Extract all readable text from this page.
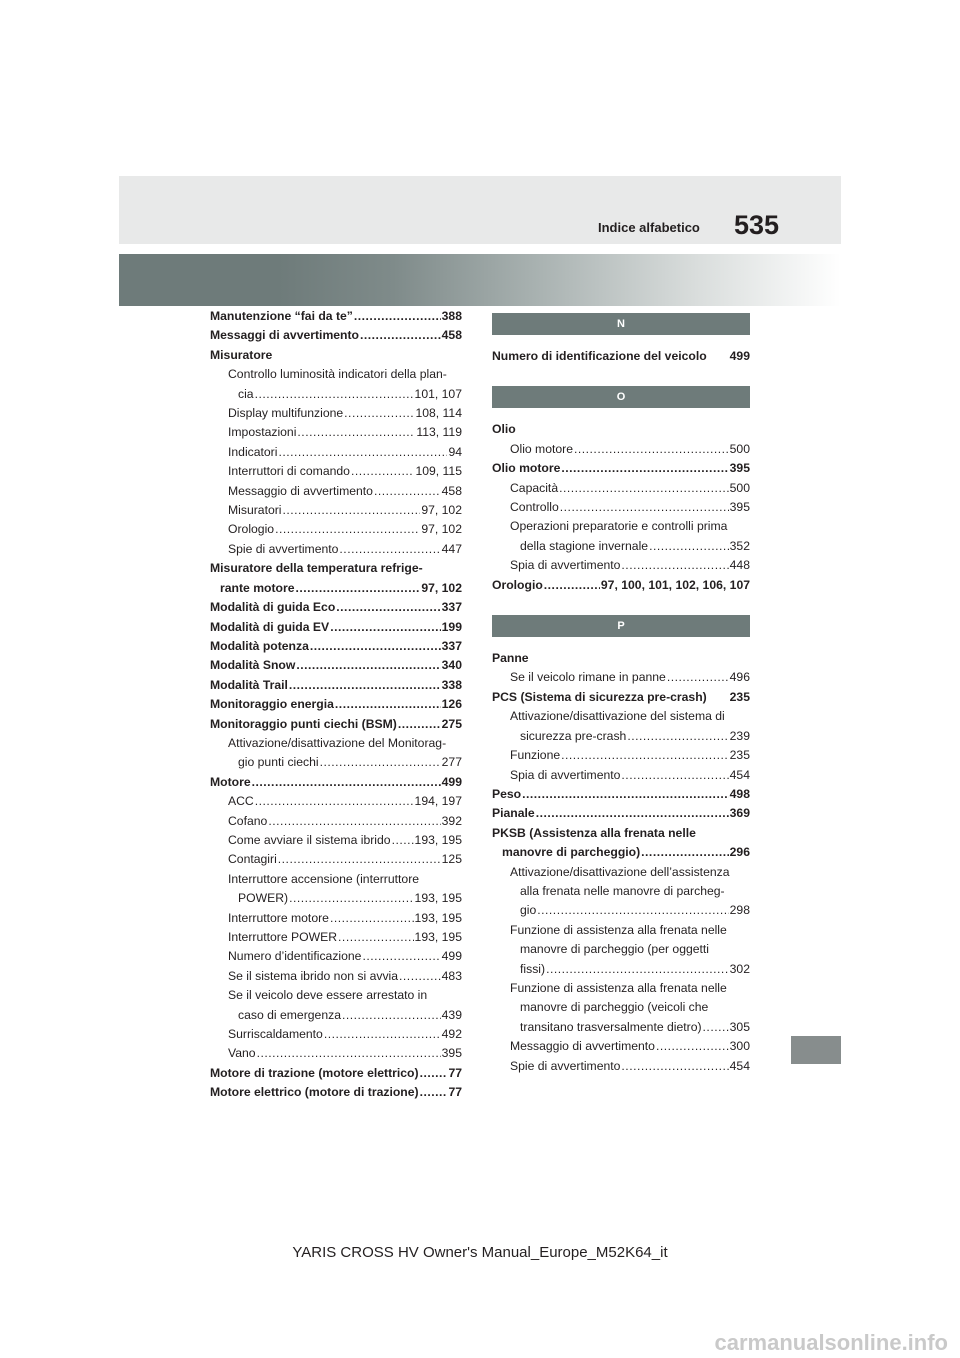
Indice alfabetico 535
Manutenzione “fai da te” .....	388
Messaggi di avvertimento .....	458
Misuratore
Controllo luminosità indicatori della plan-
cia .....	101, 107
Display multifunzione .....	108, 114
Impostazioni .....	113, 119
Indicatori .....	94
Interruttori di comando .....	109, 115
Messaggio di avvertimento .....	458
Misuratori .....	97, 102
Orologio .....	97, 102
Spie di avvertimento .....	447
Misuratore della temperatura refrige-
rante motore .....	97, 102
Modalità di guida Eco .....	337
Modalità di guida EV .....	199
Modalità potenza .....	337
Modalità Snow .....	340
Modalità Trail .....	338
Monitoraggio energia .....	126
Monitoraggio punti ciechi (BSM) .....	275
Attivazione/disattivazione del Monitorag-
gio punti ciechi .....	277
Motore .....	499
ACC .....	194, 197
Cofano .....	392
Come avviare il sistema ibrido ..... 193, 195
Contagiri .....	125
Interruttore accensione (interruttore
POWER) .....	193, 195
Interruttore motore .....	193, 195
Interruttore POWER .....	193, 195
Numero d’identificazione .....	499
Se il sistema ibrido non si avvia .....	483
Se il veicolo deve essere arrestato in
caso di emergenza .....	439
Surriscaldamento .....	492
Vano .....	395
Motore di trazione (motore elettrico) ..... 77
Motore elettrico (motore di trazione) ..... 77
N
Numero di identificazione del veicolo 499
O
Olio
Olio motore .....	500
Olio motore .....	395
Capacità .....	500
Controllo .....	395
Operazioni preparatorie e controlli prima
della stagione invernale .....	352
Spia di avvertimento .....	448
Orologio .....	97, 100, 101, 102, 106, 107
P
Panne
Se il veicolo rimane in panne .....	496
PCS (Sistema di sicurezza pre-crash) 235
Attivazione/disattivazione del sistema di
sicurezza pre-crash .....	239
Funzione .....	235
Spia di avvertimento .....	454
Peso .....	498
Pianale .....	369
PKSB (Assistenza alla frenata nelle
manovre di parcheggio) .....	296
Attivazione/disattivazione dell’assistenza
alla frenata nelle manovre di parcheg-
gio .....	298
Funzione di assistenza alla frenata nelle
manovre di parcheggio (per oggetti
fissi) .....	302
Funzione di assistenza alla frenata nelle
manovre di parcheggio (veicoli che
transitano trasversalmente dietro) ..... 305
Messaggio di avvertimento .....	300
Spie di avvertimento .....	454
YARIS CROSS HV Owner's Manual_Europe_M52K64_it
carmanualsonline.info
